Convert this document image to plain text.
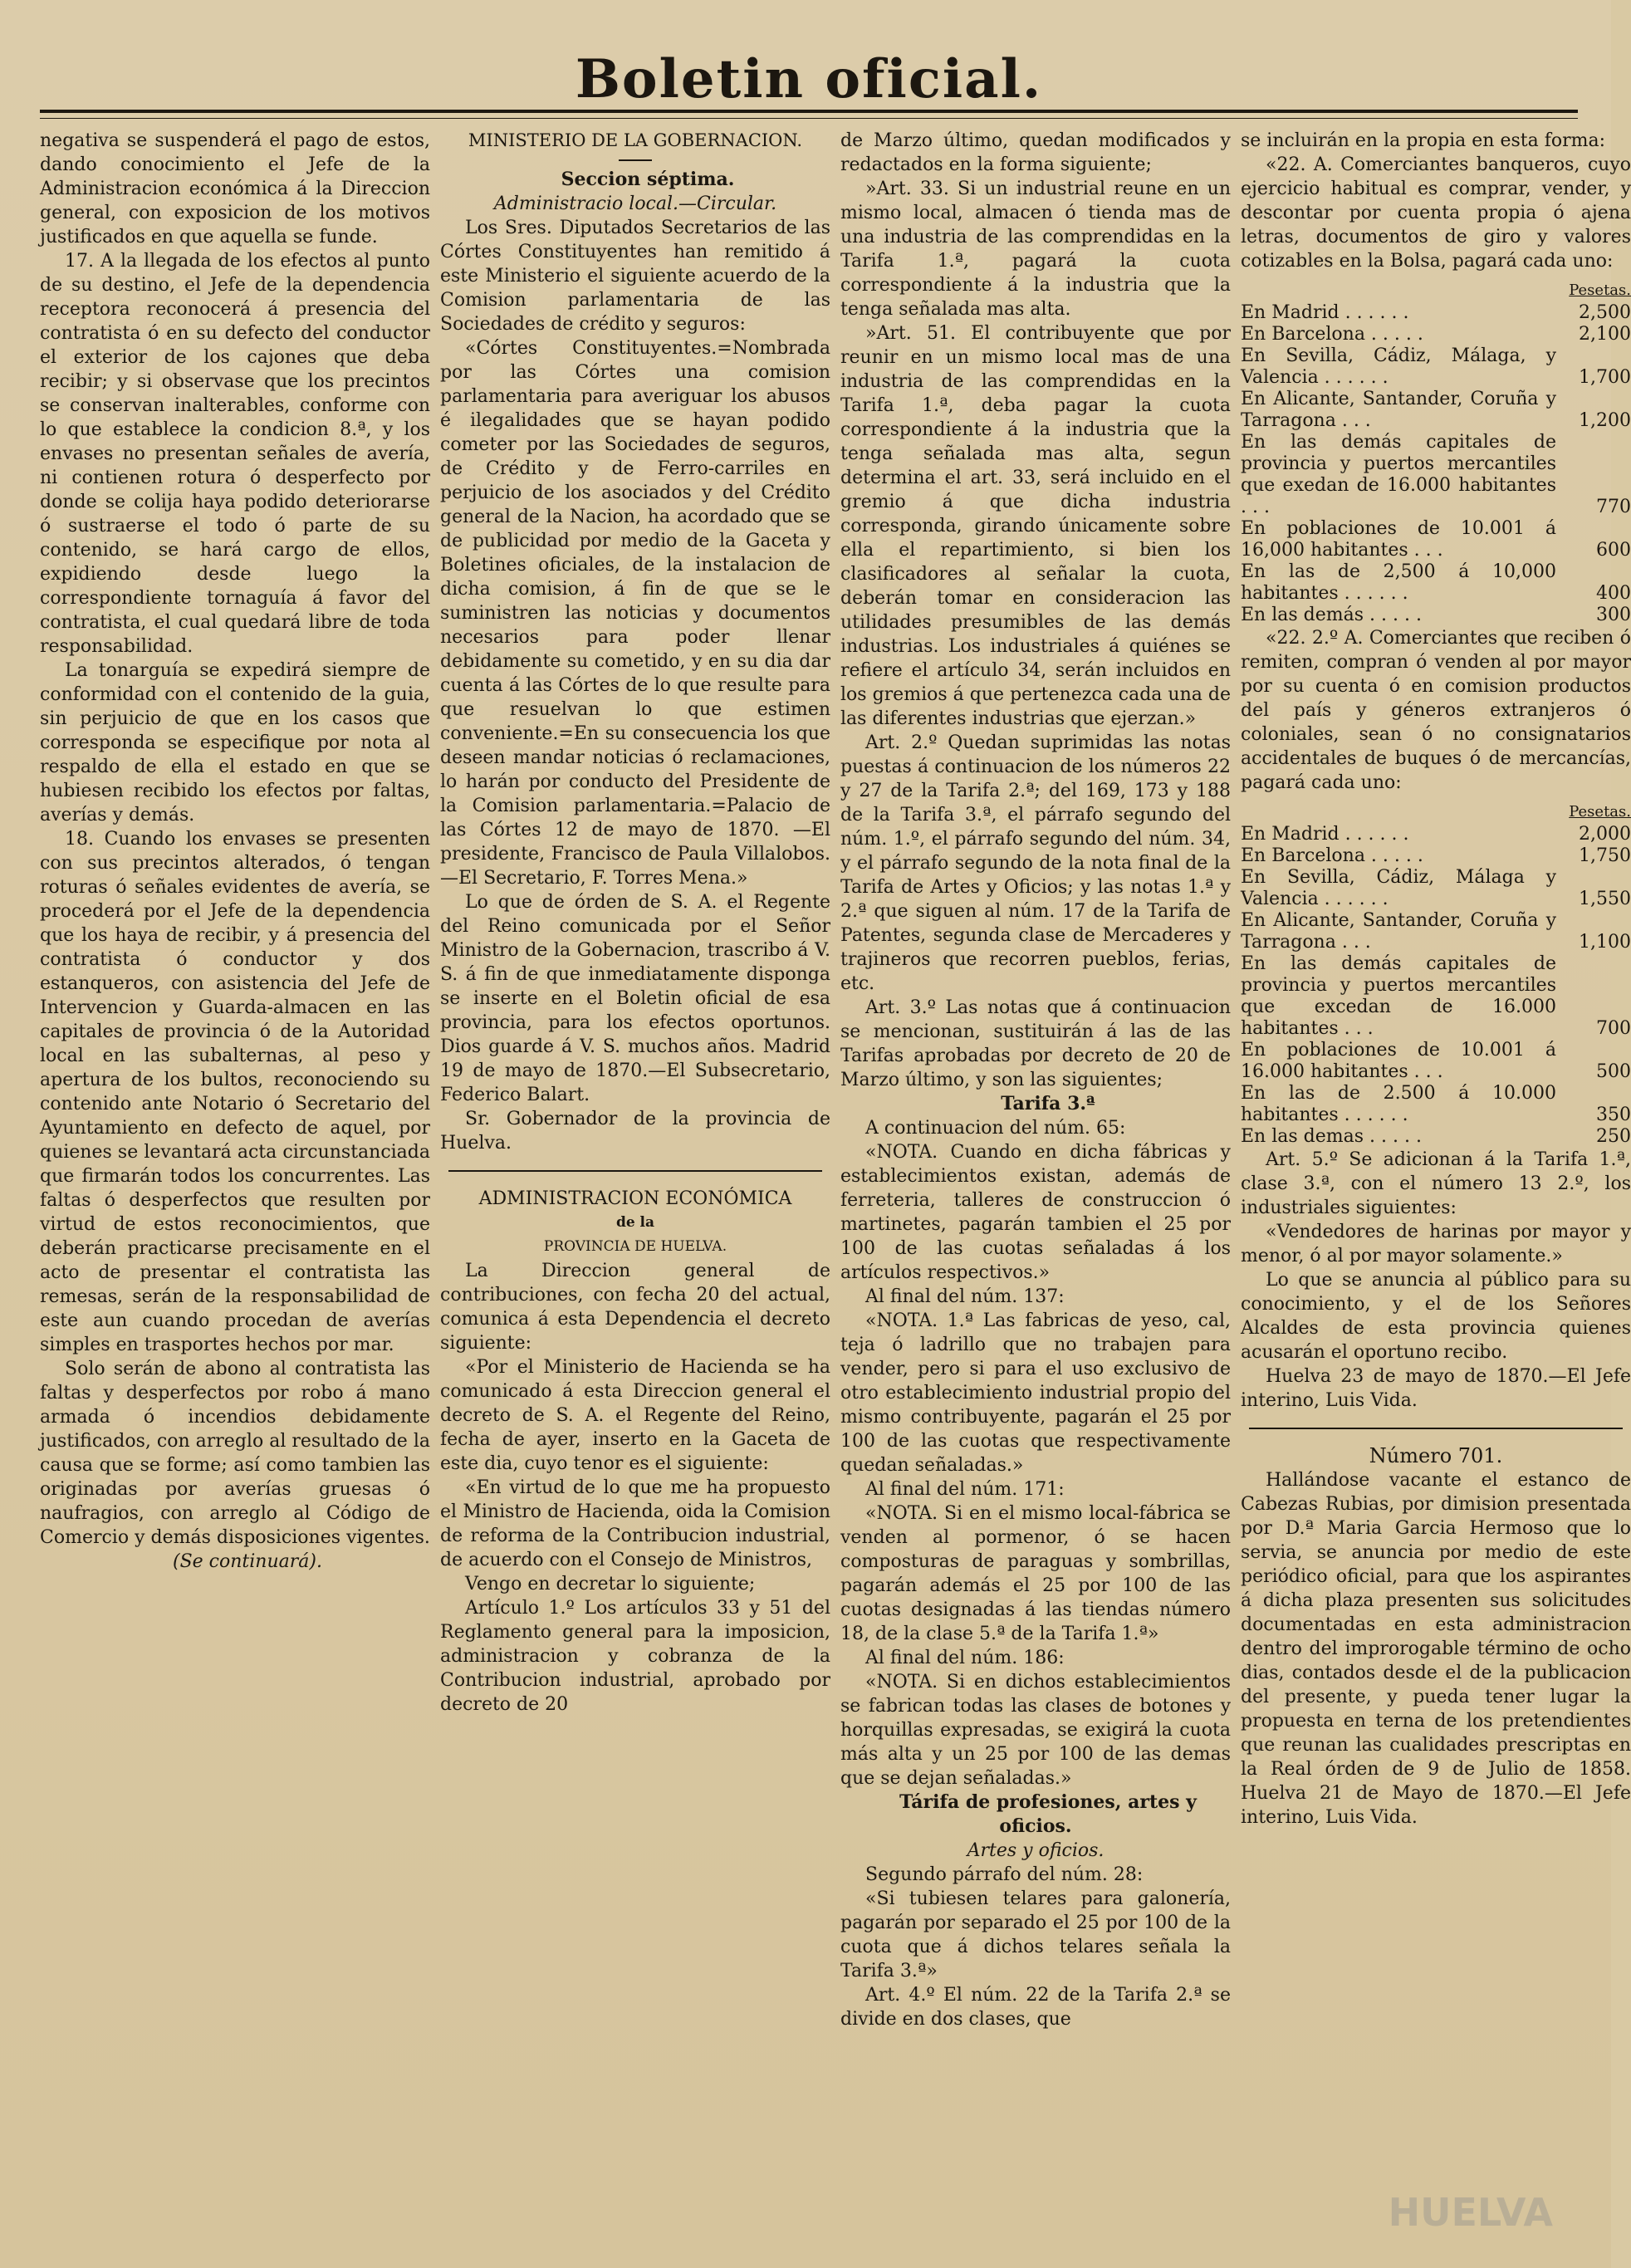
Boletin oficial.

negativa se suspenderá el pago de estos, dando conocimiento el Jefe de la Administracion económica á la Direccion general, con exposicion de los motivos justificados en que aquella se funde.

17. A la llegada de los efectos al punto de su destino, el Jefe de la dependencia receptora reconocerá á presencia del contratista ó en su defecto del conductor el exterior de los cajones que deba recibir; y si observase que los precintos se conservan inalterables, conforme con lo que establece la condicion 8.ª, y los envases no presentan señales de avería, ni contienen rotura ó desperfecto por donde se colija haya podido deteriorarse ó sustraerse el todo ó parte de su contenido, se hará cargo de ellos, expidiendo desde luego la correspondiente tornaguía á favor del contratista, el cual quedará libre de toda responsabilidad.

La tonarguía se expedirá siempre de conformidad con el contenido de la guia, sin perjuicio de que en los casos que corresponda se especifique por nota al respaldo de ella el estado en que se hubiesen recibido los efectos por faltas, averías y demás.

18. Cuando los envases se presenten con sus precintos alterados, ó tengan roturas ó señales evidentes de avería, se procederá por el Jefe de la dependencia que los haya de recibir, y á presencia del contratista ó conductor y dos estanqueros, con asistencia del Jefe de Intervencion y Guarda-almacen en las capitales de provincia ó de la Autoridad local en las subalternas, al peso y apertura de los bultos, reconociendo su contenido ante Notario ó Secretario del Ayuntamiento en defecto de aquel, por quienes se levantará acta circunstanciada que firmarán todos los concurrentes. Las faltas ó desperfectos que resulten por virtud de estos reconocimientos, que deberán practicarse precisamente en el acto de presentar el contratista las remesas, serán de la responsabilidad de este aun cuando procedan de averías simples en trasportes hechos por mar.

Solo serán de abono al contratista las faltas y desperfectos por robo á mano armada ó incendios debidamente justificados, con arreglo al resultado de la causa que se forme; así como tambien las originadas por averías gruesas ó naufragios, con arreglo al Código de Comercio y demás disposiciones vigentes.

(Se continuará).

MINISTERIO DE LA GOBERNACION.

Seccion séptima.

Administracio local.—Circular.

Los Sres. Diputados Secretarios de las Córtes Constituyentes han remitido á este Ministerio el siguiente acuerdo de la Comision parlamentaria de las Sociedades de crédito y seguros:

«Córtes Constituyentes.=Nombrada por las Córtes una comision parlamentaria para averiguar los abusos é ilegalidades que se hayan podido cometer por las Sociedades de seguros, de Crédito y de Ferro-carriles en perjuicio de los asociados y del Crédito general de la Nacion, ha acordado que se de publicidad por medio de la Gaceta y Boletines oficiales, de la instalacion de dicha comision, á fin de que se le suministren las noticias y documentos necesarios para poder llenar debidamente su cometido, y en su dia dar cuenta á las Córtes de lo que resulte para que resuelvan lo que estimen conveniente.=En su consecuencia los que deseen mandar noticias ó reclamaciones, lo harán por conducto del Presidente de la Comision parlamentaria.=Palacio de las Córtes 12 de mayo de 1870. —El presidente, Francisco de Paula Villalobos.—El Secretario, F. Torres Mena.»

Lo que de órden de S. A. el Regente del Reino comunicada por el Señor Ministro de la Gobernacion, trascribo á V. S. á fin de que inmediatamente disponga se inserte en el Boletin oficial de esa provincia, para los efectos oportunos. Dios guarde á V. S. muchos años. Madrid 19 de mayo de 1870.—El Subsecretario, Federico Balart.

Sr. Gobernador de la provincia de Huelva.

ADMINISTRACION ECONÓMICA

de la

PROVINCIA DE HUELVA.

La Direccion general de contribuciones, con fecha 20 del actual, comunica á esta Dependencia el decreto siguiente:

«Por el Ministerio de Hacienda se ha comunicado á esta Direccion general el decreto de S. A. el Regente del Reino, fecha de ayer, inserto en la Gaceta de este dia, cuyo tenor es el siguiente:

«En virtud de lo que me ha propuesto el Ministro de Hacienda, oida la Comision de reforma de la Contribucion industrial, de acuerdo con el Consejo de Ministros,

Vengo en decretar lo siguiente;

Artículo 1.º Los artículos 33 y 51 del Reglamento general para la imposicion, administracion y cobranza de la Contribucion industrial, aprobado por decreto de 20

de Marzo último, quedan modificados y redactados en la forma siguiente;

»Art. 33. Si un industrial reune en un mismo local, almacen ó tienda mas de una industria de las comprendidas en la Tarifa 1.ª, pagará la cuota correspondiente á la industria que la tenga señalada mas alta.

»Art. 51. El contribuyente que por reunir en un mismo local mas de una industria de las comprendidas en la Tarifa 1.ª, deba pagar la cuota correspondiente á la industria que la tenga señalada mas alta, segun determina el art. 33, será incluido en el gremio á que dicha industria corresponda, girando únicamente sobre ella el repartimiento, si bien los clasificadores al señalar la cuota, deberán tomar en consideracion las utilidades presumibles de las demás industrias. Los industriales á quiénes se refiere el artículo 34, serán incluidos en los gremios á que pertenezca cada una de las diferentes industrias que ejerzan.»

Art. 2.º Quedan suprimidas las notas puestas á continuacion de los números 22 y 27 de la Tarifa 2.ª; del 169, 173 y 188 de la Tarifa 3.ª, el párrafo segundo del núm. 1.º, el párrafo segundo del núm. 34, y el párrafo segundo de la nota final de la Tarifa de Artes y Oficios; y las notas 1.ª y 2.ª que siguen al núm. 17 de la Tarifa de Patentes, segunda clase de Mercaderes y trajineros que recorren pueblos, ferias, etc.

Art. 3.º Las notas que á continuacion se mencionan, sustituirán á las de las Tarifas aprobadas por decreto de 20 de Marzo último, y son las siguientes;

Tarifa 3.ª

A continuacion del núm. 65:

«NOTA. Cuando en dicha fábricas y establecimientos existan, además de ferreteria, talleres de construccion ó martinetes, pagarán tambien el 25 por 100 de las cuotas señaladas á los artículos respectivos.»

Al final del núm. 137:

«NOTA. 1.ª Las fabricas de yeso, cal, teja ó ladrillo que no trabajen para vender, pero si para el uso exclusivo de otro establecimiento industrial propio del mismo contribuyente, pagarán el 25 por 100 de las cuotas que respectivamente quedan señaladas.»

Al final del núm. 171:

«NOTA. Si en el mismo local-fábrica se venden al pormenor, ó se hacen composturas de paraguas y sombrillas, pagarán además el 25 por 100 de las cuotas designadas á las tiendas número 18, de la clase 5.ª de la Tarifa 1.ª»

Al final del núm. 186:

«NOTA. Si en dichos establecimientos se fabrican todas las clases de botones y horquillas expresadas, se exigirá la cuota más alta y un 25 por 100 de las demas que se dejan señaladas.»

Tárifa de profesiones, artes y oficios.

Artes y oficios.

Segundo párrafo del núm. 28:

«Si tubiesen telares para galonería, pagarán por separado el 25 por 100 de la cuota que á dichos telares señala la Tarifa 3.ª»

Art. 4.º El núm. 22 de la Tarifa 2.ª se divide en dos clases, que

se incluirán en la propia en esta forma:

«22. A. Comerciantes banqueros, cuyo ejercicio habitual es comprar, vender, y descontar por cuenta propia ó ajena letras, documentos de giro y valores cotizables en la Bolsa, pagará cada uno:

Pesetas.
En Madrid . . . . . .	2,500
En Barcelona . . . . .	2,100
En Sevilla, Cádiz, Málaga, y Valencia . . . . . .	1,700
En Alicante, Santander, Coruña y Tarragona . . .	1,200
En las demás capitales de provincia y puertos mercantiles que exedan de 16.000 habitantes . . .	770
En poblaciones de 10.001 á 16,000 habitantes . . .	600
En las de 2,500 á 10,000 habitantes . . . . . .	400
En las demás . . . . .	300

«22. 2.º A. Comerciantes que reciben ó remiten, compran ó venden al por mayor por su cuenta ó en comision productos del país y géneros extranjeros ó coloniales, sean ó no consignatarios accidentales de buques ó de mercancías, pagará cada uno:

Pesetas.
En Madrid . . . . . .	2,000
En Barcelona . . . . .	1,750
En Sevilla, Cádiz, Málaga y Valencia . . . . . .	1,550
En Alicante, Santander, Coruña y Tarragona . . .	1,100
En las demás capitales de provincia y puertos mercantiles que excedan de 16.000 habitantes . . .	700
En poblaciones de 10.001 á 16.000 habitantes . . .	500
En las de 2.500 á 10.000 habitantes . . . . . .	350
En las demas . . . . .	250

Art. 5.º Se adicionan á la Tarifa 1.ª, clase 3.ª, con el número 13 2.º, los industriales siguientes:

«Vendedores de harinas por mayor y menor, ó al por mayor solamente.»

Lo que se anuncia al público para su conocimiento, y el de los Señores Alcaldes de esta provincia quienes acusarán el oportuno recibo.

Huelva 23 de mayo de 1870.—El Jefe interino, Luis Vida.

Número 701.

Hallándose vacante el estanco de Cabezas Rubias, por dimision presentada por D.ª Maria Garcia Hermoso que lo servia, se anuncia por medio de este periódico oficial, para que los aspirantes á dicha plaza presenten sus solicitudes documentadas en esta administracion dentro del improrogable término de ocho dias, contados desde el de la publicacion del presente, y pueda tener lugar la propuesta en terna de los pretendientes que reunan las cualidades prescriptas en la Real órden de 9 de Julio de 1858. Huelva 21 de Mayo de 1870.—El Jefe interino, Luis Vida.

HUELVA
